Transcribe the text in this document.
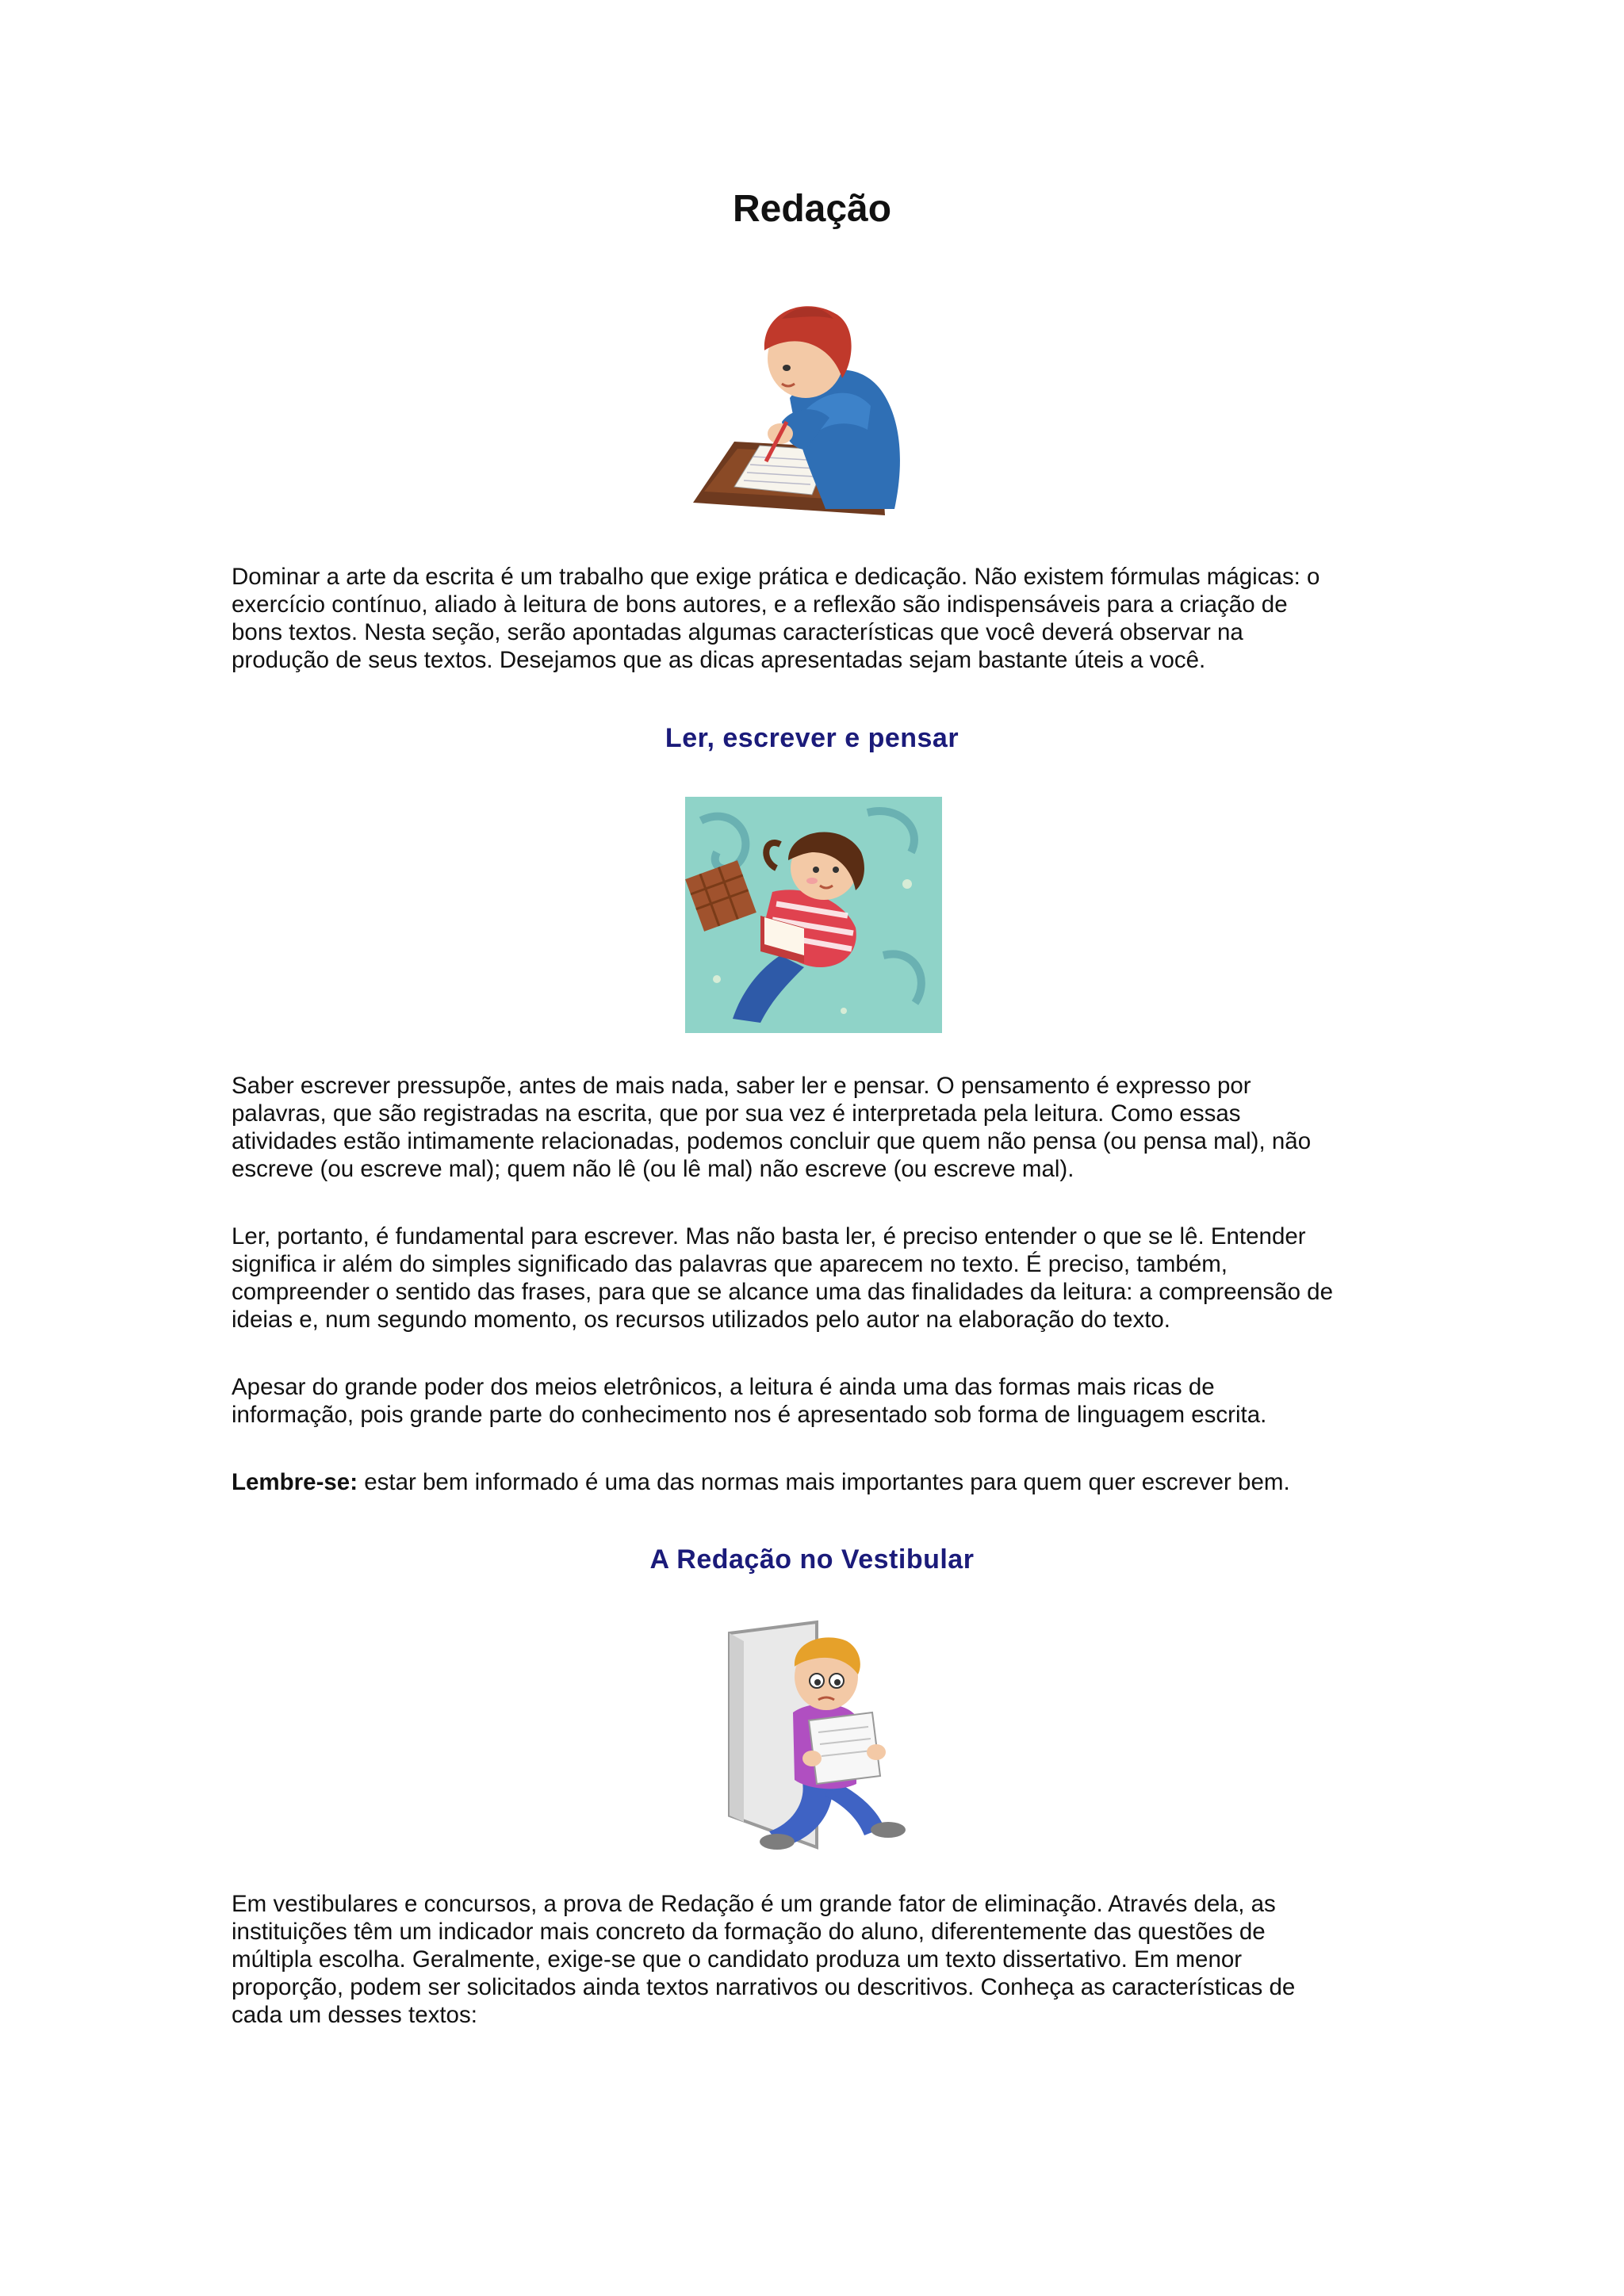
Redação

Dominar a arte da escrita é um trabalho que exige prática e dedicação. Não existem fórmulas mágicas: o

exercício contínuo, aliado à leitura de bons autores, e a reflexão são indispensáveis para a criação de

bons textos. Nesta seção, serão apontadas algumas características que você deverá observar na

produção de seus textos. Desejamos que as dicas apresentadas sejam bastante úteis a você.

Ler, escrever e pensar

Saber escrever pressupõe, antes de mais nada, saber ler e pensar. O pensamento é expresso por

palavras, que são registradas na escrita, que por sua vez é interpretada pela leitura. Como essas

atividades estão intimamente relacionadas, podemos concluir que quem não pensa (ou pensa mal), não

escreve (ou escreve mal); quem não lê (ou lê mal) não escreve (ou escreve mal).

Ler, portanto, é fundamental para escrever. Mas não basta ler, é preciso entender o que se lê. Entender

significa ir além do simples significado das palavras que aparecem no texto. É preciso, também,

compreender o sentido das frases, para que se alcance uma das finalidades da leitura: a compreensão de

ideias e, num segundo momento, os recursos utilizados pelo autor na elaboração do texto.

Apesar do grande poder dos meios eletrônicos, a leitura é ainda uma das formas mais ricas de

informação, pois grande parte do conhecimento nos é apresentado sob forma de linguagem escrita.

Lembre-se: estar bem informado é uma das normas mais importantes para quem quer escrever bem.

A Redação no Vestibular

Em vestibulares e concursos, a prova de Redação é um grande fator de eliminação. Através dela, as

instituições têm um indicador mais concreto da formação do aluno, diferentemente das questões de

múltipla escolha. Geralmente, exige-se que o candidato produza um texto dissertativo. Em menor

proporção, podem ser solicitados ainda textos narrativos ou descritivos. Conheça as características de

cada um desses textos:
